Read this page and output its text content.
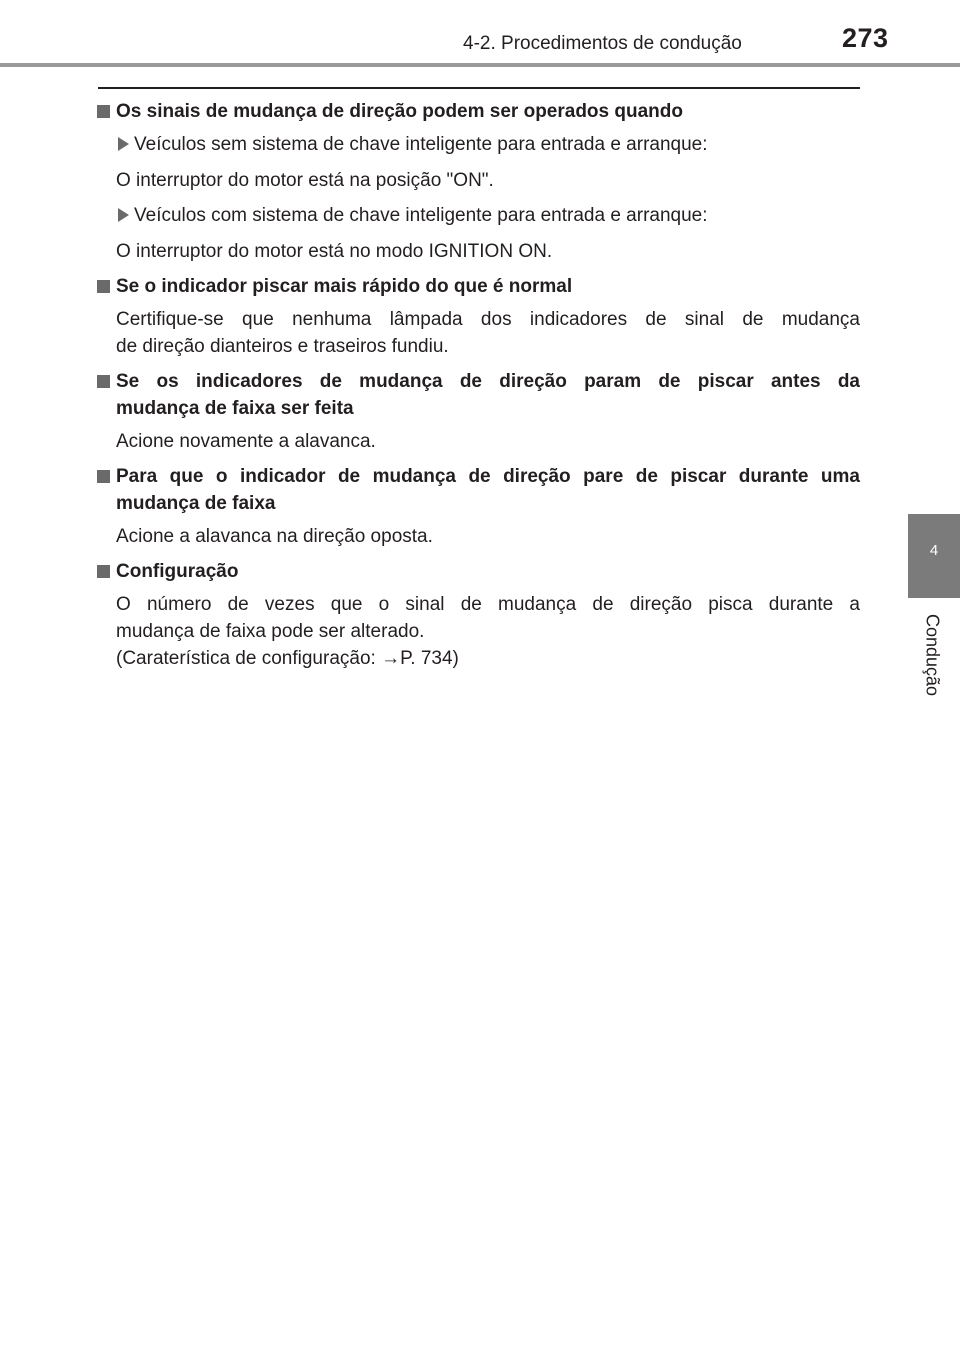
4-2. Procedimentos de condução	273
4
Condução
Os sinais de mudança de direção podem ser operados quando
Veículos sem sistema de chave inteligente para entrada e arranque:
O interruptor do motor está na posição "ON".
Veículos com sistema de chave inteligente para entrada e arranque:
O interruptor do motor está no modo IGNITION ON.
Se o indicador piscar mais rápido do que é normal
Certifique-se que nenhuma lâmpada dos indicadores de sinal de mudança
de direção dianteiros e traseiros fundiu.
Se os indicadores de mudança de direção param de piscar antes da
mudança de faixa ser feita
Acione novamente a alavanca.
Para que o indicador de mudança de direção pare de piscar durante uma
mudança de faixa
Acione a alavanca na direção oposta.
Configuração
O número de vezes que o sinal de mudança de direção pisca durante a
mudança de faixa pode ser alterado.
(Caraterística de configuração: →P. 734)
